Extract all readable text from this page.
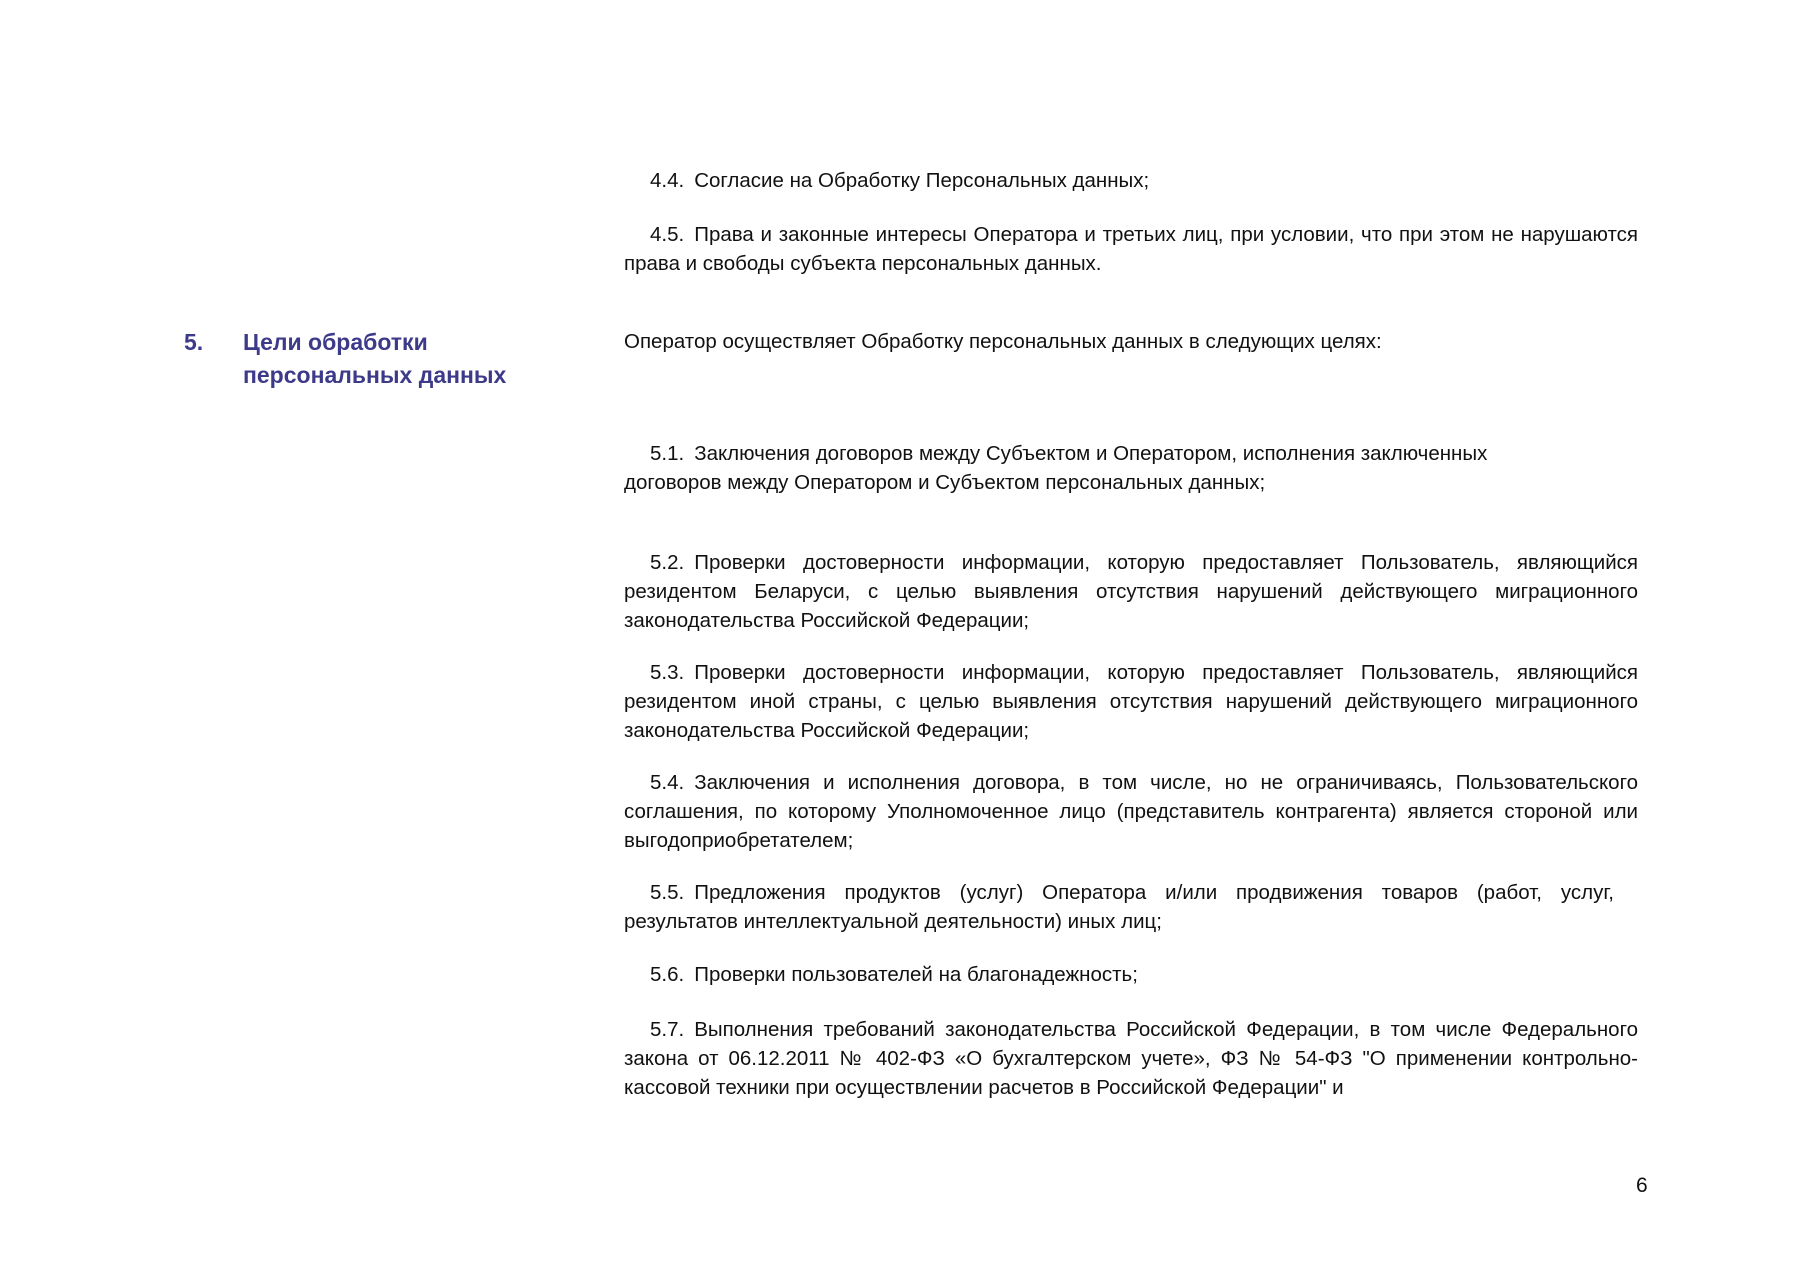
4.4. Согласие на Обработку Персональных данных;
4.5. Права и законные интересы Оператора и третьих лиц, при условии, что при этом не нарушаются права и свободы субъекта персональных данных.
5. Цели обработки персональных данных
Оператор осуществляет Обработку персональных данных в следующих целях:
5.1. Заключения договоров между Субъектом и Оператором, исполнения заключенных договоров между Оператором и Субъектом персональных данных;
5.2. Проверки достоверности информации, которую предоставляет Пользователь, являющийся резидентом Беларуси, с целью выявления отсутствия нарушений действующего миграционного законодательства Российской Федерации;
5.3. Проверки достоверности информации, которую предоставляет Пользователь, являющийся резидентом иной страны, с целью выявления отсутствия нарушений действующего миграционного законодательства Российской Федерации;
5.4. Заключения и исполнения договора, в том числе, но не ограничиваясь, Пользовательского соглашения, по которому Уполномоченное лицо (представитель контрагента) является стороной или выгодоприобретателем;
5.5. Предложения продуктов (услуг) Оператора и/или продвижения товаров (работ, услуг, результатов интеллектуальной деятельности) иных лиц;
5.6. Проверки пользователей на благонадежность;
5.7. Выполнения требований законодательства Российской Федерации, в том числе Федерального закона от 06.12.2011 № 402-ФЗ «О бухгалтерском учете», ФЗ № 54-ФЗ "О применении контрольно-кассовой техники при осуществлении расчетов в Российской Федерации" и
6
